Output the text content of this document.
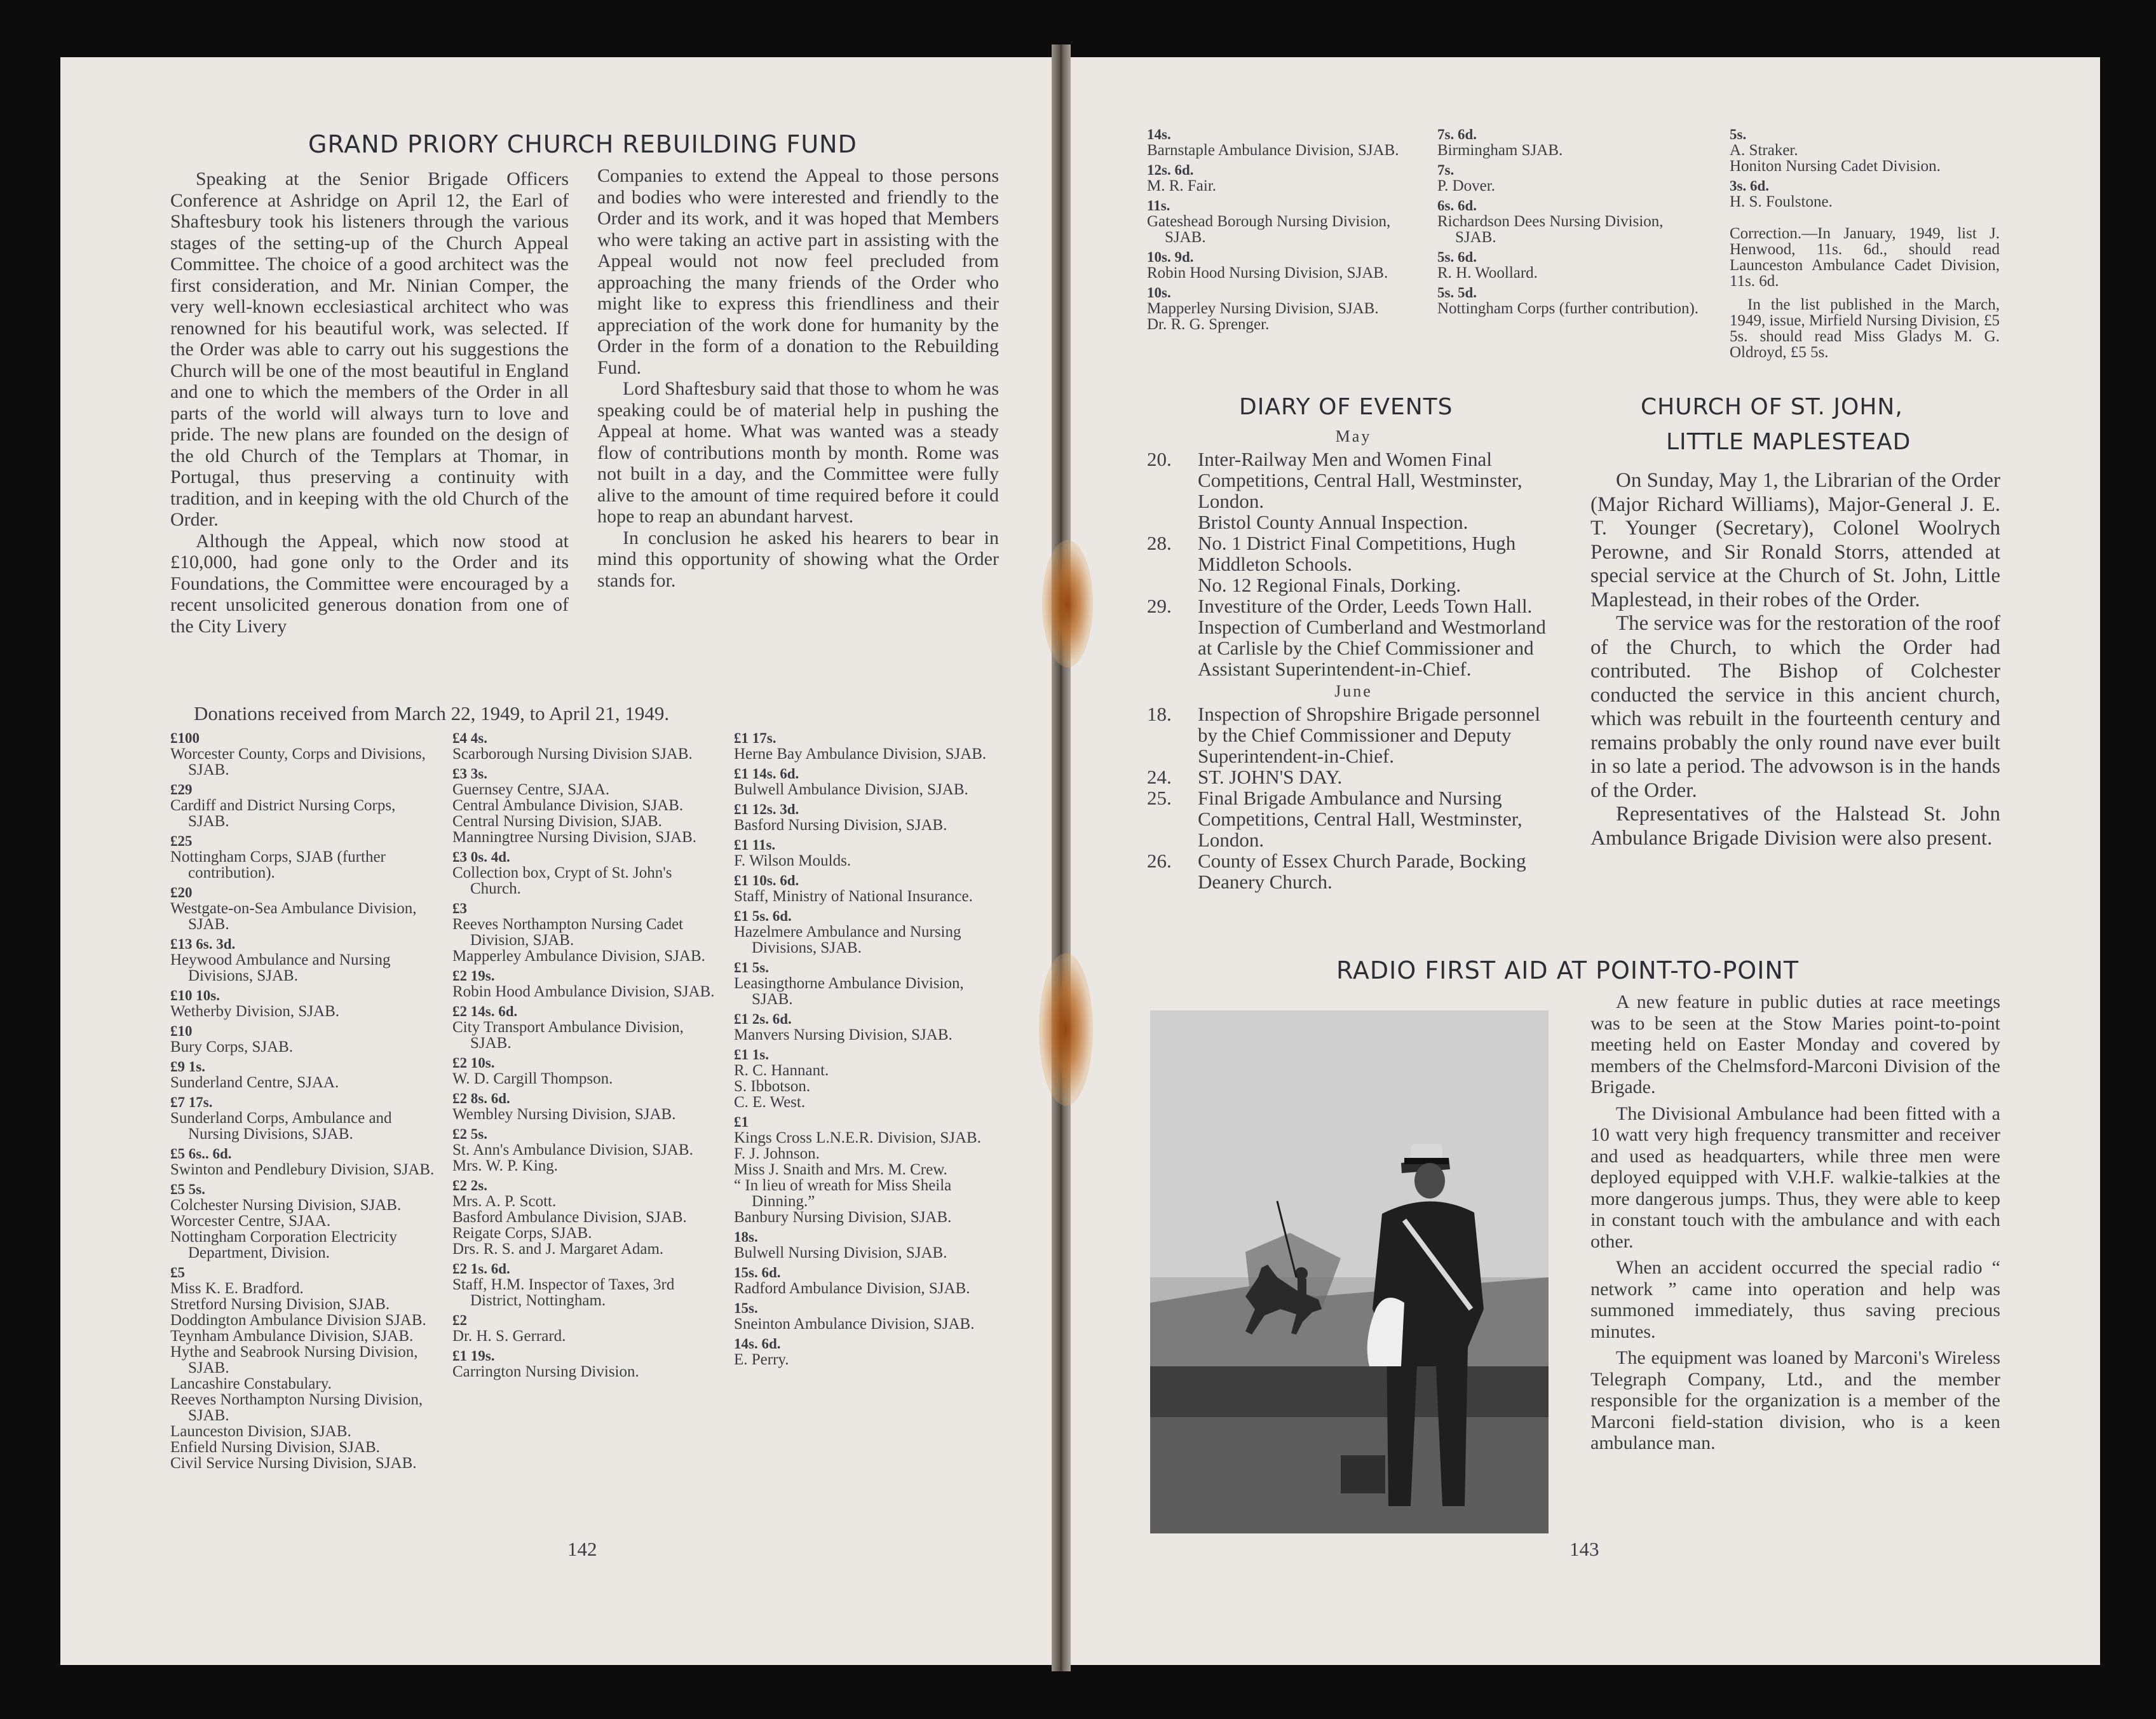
GRAND PRIORY CHURCH REBUILDING FUND

Speaking at the Senior Brigade Officers Conference at Ashridge on April 12, the Earl of Shaftesbury took his listeners through the various stages of the setting-up of the Church Appeal Committee. The choice of a good architect was the first consideration, and Mr. Ninian Comper, the very well-known ecclesiastical architect who was renowned for his beautiful work, was selected. If the Order was able to carry out his suggestions the Church will be one of the most beautiful in England and one to which the members of the Order in all parts of the world will always turn to love and pride. The new plans are founded on the design of the old Church of the Templars at Thomar, in Portugal, thus preserving a continuity with tradition, and in keeping with the old Church of the Order.

Although the Appeal, which now stood at £10,000, had gone only to the Order and its Foundations, the Committee were encouraged by a recent unsolicited generous donation from one of the City Livery

Companies to extend the Appeal to those persons and bodies who were interested and friendly to the Order and its work, and it was hoped that Members who were taking an active part in assisting with the Appeal would not now feel precluded from approaching the many friends of the Order who might like to express this friendliness and their appreciation of the work done for humanity by the Order in the form of a donation to the Rebuilding Fund.

Lord Shaftesbury said that those to whom he was speaking could be of material help in pushing the Appeal at home. What was wanted was a steady flow of contributions month by month. Rome was not built in a day, and the Committee were fully alive to the amount of time required before it could hope to reap an abundant harvest.

In conclusion he asked his hearers to bear in mind this opportunity of showing what the Order stands for.

Donations received from March 22, 1949, to April 21, 1949.
£100
Worcester County, Corps and Divisions, SJAB.
£29
Cardiff and District Nursing Corps, SJAB.
£25
Nottingham Corps, SJAB (further contribution).
£20
Westgate-on-Sea Ambulance Division, SJAB.
£13 6s. 3d.
Heywood Ambulance and Nursing Divisions, SJAB.
£10 10s.
Wetherby Division, SJAB.
£10
Bury Corps, SJAB.
£9 1s.
Sunderland Centre, SJAA.
£7 17s.
Sunderland Corps, Ambulance and Nursing Divisions, SJAB.
£5 6s.. 6d.
Swinton and Pendlebury Division, SJAB.
£5 5s.
Colchester Nursing Division, SJAB.
Worcester Centre, SJAA.
Nottingham Corporation Electricity Department, Division.
£5
Miss K. E. Bradford.
Stretford Nursing Division, SJAB.
Doddington Ambulance Division SJAB.
Teynham Ambulance Division, SJAB.
Hythe and Seabrook Nursing Division, SJAB.
Lancashire Constabulary.
Reeves Northampton Nursing Division, SJAB.
Launceston Division, SJAB.
Enfield Nursing Division, SJAB.
Civil Service Nursing Division, SJAB.
£4 4s.
Scarborough Nursing Division SJAB.
£3 3s.
Guernsey Centre, SJAA.
Central Ambulance Division, SJAB.
Central Nursing Division, SJAB.
Manningtree Nursing Division, SJAB.
£3 0s. 4d.
Collection box, Crypt of St. John's Church.
£3
Reeves Northampton Nursing Cadet Division, SJAB.
Mapperley Ambulance Division, SJAB.
£2 19s.
Robin Hood Ambulance Division, SJAB.
£2 14s. 6d.
City Transport Ambulance Division, SJAB.
£2 10s.
W. D. Cargill Thompson.
£2 8s. 6d.
Wembley Nursing Division, SJAB.
£2 5s.
St. Ann's Ambulance Division, SJAB.
Mrs. W. P. King.
£2 2s.
Mrs. A. P. Scott.
Basford Ambulance Division, SJAB.
Reigate Corps, SJAB.
Drs. R. S. and J. Margaret Adam.
£2 1s. 6d.
Staff, H.M. Inspector of Taxes, 3rd District, Nottingham.
£2
Dr. H. S. Gerrard.
£1 19s.
Carrington Nursing Division.
£1 17s.
Herne Bay Ambulance Division, SJAB.
£1 14s. 6d.
Bulwell Ambulance Division, SJAB.
£1 12s. 3d.
Basford Nursing Division, SJAB.
£1 11s.
F. Wilson Moulds.
£1 10s. 6d.
Staff, Ministry of National Insurance.
£1 5s. 6d.
Hazelmere Ambulance and Nursing Divisions, SJAB.
£1 5s.
Leasingthorne Ambulance Division, SJAB.
£1 2s. 6d.
Manvers Nursing Division, SJAB.
£1 1s.
R. C. Hannant.
S. Ibbotson.
C. E. West.
£1
Kings Cross L.N.E.R. Division, SJAB.
F. J. Johnson.
Miss J. Snaith and Mrs. M. Crew.
“ In lieu of wreath for Miss Sheila Dinning.”
Banbury Nursing Division, SJAB.
18s.
Bulwell Nursing Division, SJAB.
15s. 6d.
Radford Ambulance Division, SJAB.
15s.
Sneinton Ambulance Division, SJAB.
14s. 6d.
E. Perry.
142
14s.
Barnstaple Ambulance Division, SJAB.
12s. 6d.
M. R. Fair.
11s.
Gateshead Borough Nursing Division, SJAB.
10s. 9d.
Robin Hood Nursing Division, SJAB.
10s.
Mapperley Nursing Division, SJAB.
Dr. R. G. Sprenger.
7s. 6d.
Birmingham SJAB.
7s.
P. Dover.
6s. 6d.
Richardson Dees Nursing Division, SJAB.
5s. 6d.
R. H. Woollard.
5s. 5d.
Nottingham Corps (further contribution).
5s.
A. Straker.
Honiton Nursing Cadet Division.
3s. 6d.
H. S. Foulstone.
Correction.—In January, 1949, list J. Henwood, 11s. 6d., should read Launceston Ambulance Cadet Division, 11s. 6d.
In the list published in the March, 1949, issue, Mirfield Nursing Division, £5 5s. should read Miss Gladys M. G. Oldroyd, £5 5s.
DIARY OF EVENTS
May
20. Inter-Railway Men and Women Final Competitions, Central Hall, Westminster, London.
Bristol County Annual Inspection.
28. No. 1 District Final Competitions, Hugh Middleton Schools.
No. 12 Regional Finals, Dorking.
29. Investiture of the Order, Leeds Town Hall.
Inspection of Cumberland and Westmorland at Carlisle by the Chief Commissioner and Assistant Superintendent-in-Chief.
June
18. Inspection of Shropshire Brigade personnel by the Chief Commissioner and Deputy Superintendent-in-Chief.
24. ST. JOHN'S DAY.
25. Final Brigade Ambulance and Nursing Competitions, Central Hall, Westminster, London.
26. County of Essex Church Parade, Bocking Deanery Church.
CHURCH OF ST. JOHN,
LITTLE MAPLESTEAD

On Sunday, May 1, the Librarian of the Order (Major Richard Williams), Major-General J. E. T. Younger (Secretary), Colonel Woolrych Perowne, and Sir Ronald Storrs, attended at special service at the Church of St. John, Little Maplestead, in their robes of the Order.

The service was for the restoration of the roof of the Church, to which the Order had contributed. The Bishop of Colchester conducted the service in this ancient church, which was rebuilt in the fourteenth century and remains probably the only round nave ever built in so late a period. The advowson is in the hands of the Order.

Representatives of the Halstead St. John Ambulance Brigade Division were also present.

RADIO FIRST AID AT POINT-TO-POINT

A new feature in public duties at race meetings was to be seen at the Stow Maries point-to-point meeting held on Easter Monday and covered by members of the Chelmsford-Marconi Division of the Brigade.

The Divisional Ambulance had been fitted with a 10 watt very high frequency transmitter and receiver and used as headquarters, while three men were deployed equipped with V.H.F. walkie-talkies at the more dangerous jumps. Thus, they were able to keep in constant touch with the ambulance and with each other.

When an accident occurred the special radio “ network ” came into operation and help was summoned immediately, thus saving precious minutes.

The equipment was loaned by Marconi's Wireless Telegraph Company, Ltd., and the member responsible for the organization is a member of the Marconi field-station division, who is a keen ambulance man.

143
